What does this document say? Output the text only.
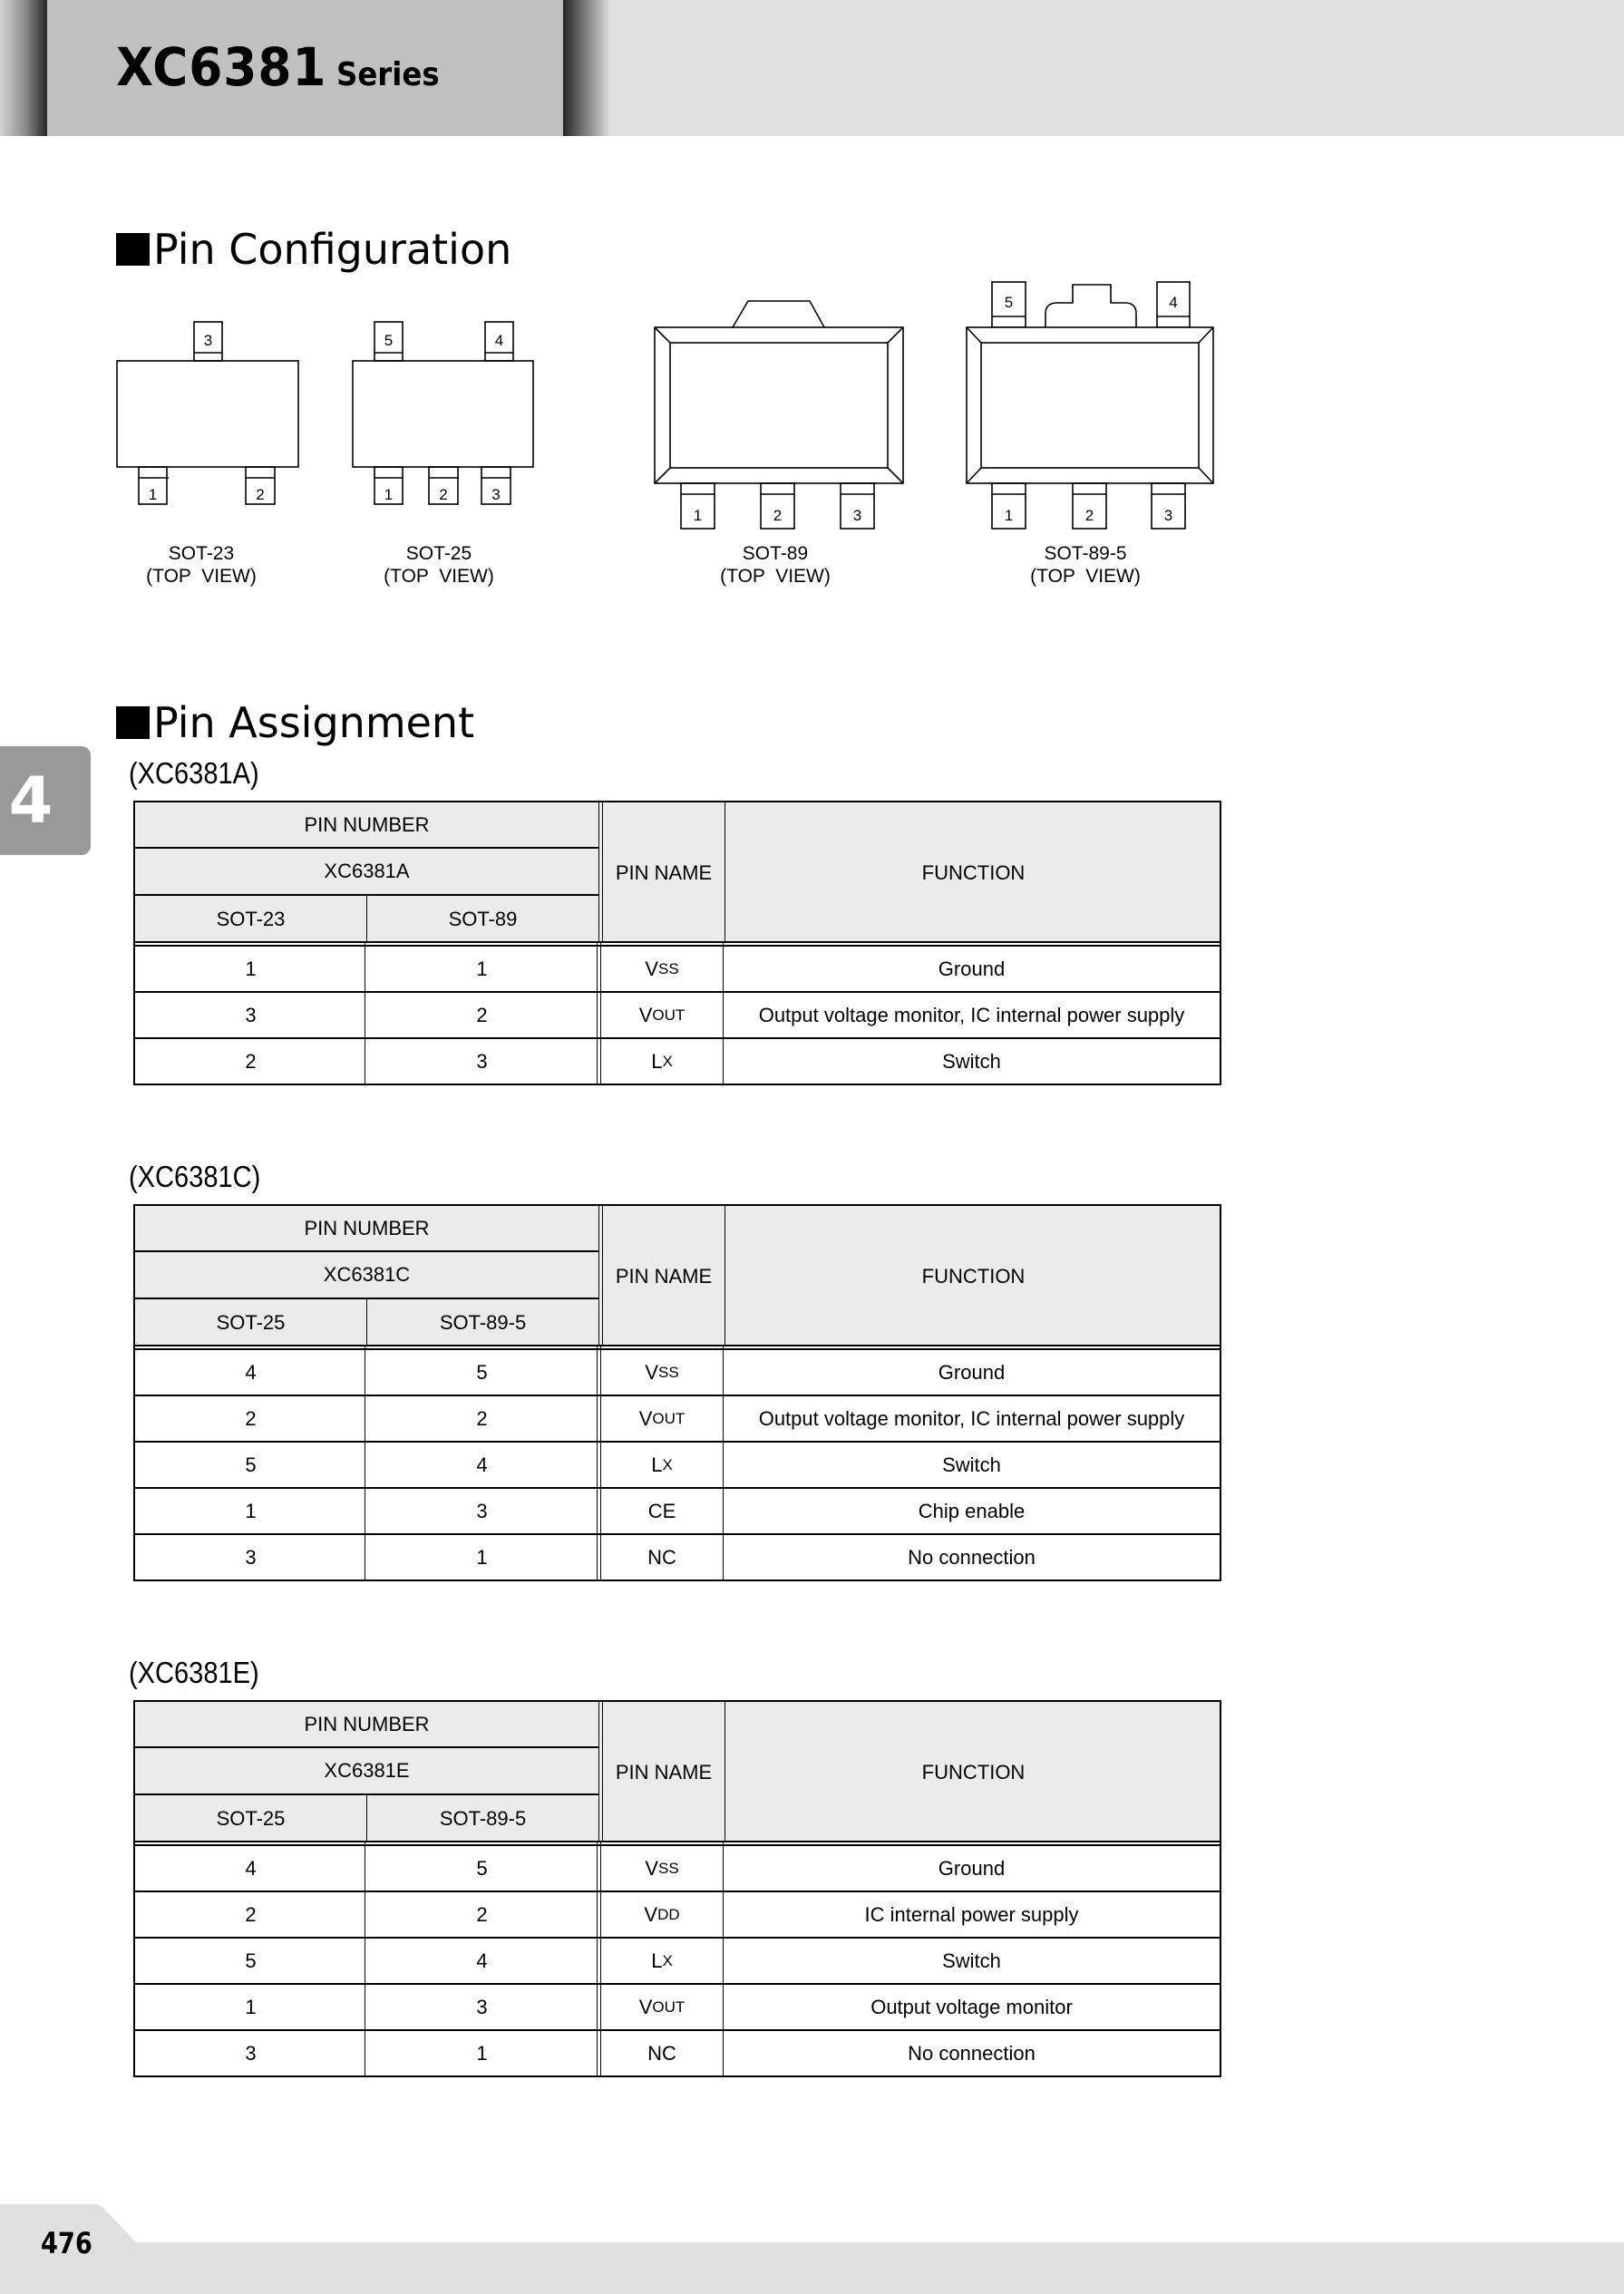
XC6381 Series
Pin Configuration
3
1	2
5	4
1	2	3
1	2	3
5	4
1	2	3
SOT-23
(TOP  VIEW)
SOT-25
(TOP  VIEW)
SOT-89
(TOP  VIEW)
SOT-89-5
(TOP  VIEW)
Pin Assignment
4	(XC6381A)
PIN NUMBER
XC6381A
SOT-23	SOT-89
PIN NAME	FUNCTION
1	1	V SS	Ground
3	2	V OUT	Output voltage monitor, IC internal power supply
2	3	L X	Switch
(XC6381C)
PIN NUMBER
XC6381C
SOT-25	SOT-89-5
PIN NAME	FUNCTION
4	5	V SS	Ground
2	2	V OUT	Output voltage monitor, IC internal power supply
5	4	L X	Switch
1	3	CE	Chip enable
3	1	NC	No connection
(XC6381E)
PIN NUMBER
XC6381E
SOT-25	SOT-89-5
PIN NAME	FUNCTION
4	5	V SS	Ground
2	2	V DD	IC internal power supply
5	4	L X	Switch
1	3	V OUT	Output voltage monitor
3	1	NC	No connection
476
